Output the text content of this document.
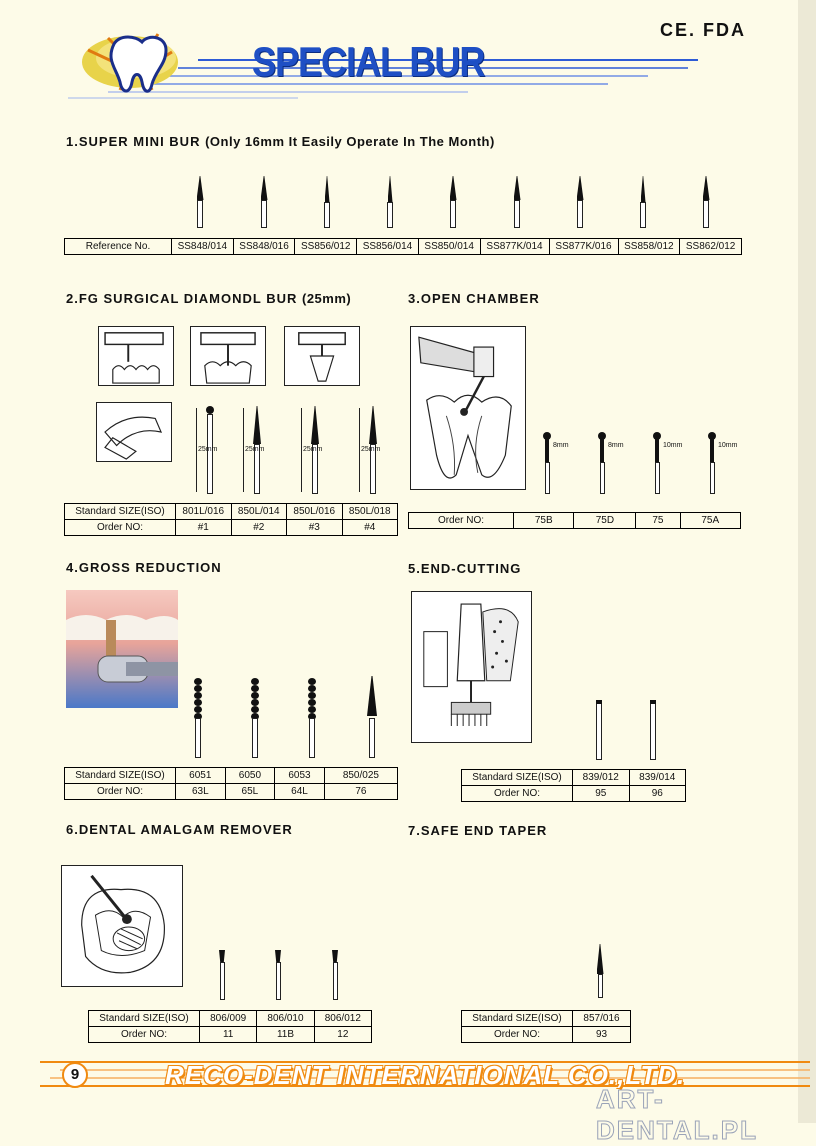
SPECIAL BUR
CE. FDA
1.SUPER MINI BUR (Only 16mm It Easily Operate In The Month)
Reference No.	SS848/014	SS848/016	SS856/012	SS856/014	SS850/014	SS877K/014	SS877K/016	SS858/012	SS862/012
2.FG SURGICAL DIAMONDL BUR (25mm)
25mm	25mm	25mm	25mm
Standard SIZE(ISO)	801L/016	850L/014	850L/016	850L/018
Order NO:	#1	#2	#3	#4
3.OPEN CHAMBER
8mm	8mm	10mm	10mm
Order NO:	75B	75D	75	75A
4.GROSS REDUCTION
Standard SIZE(ISO)	6051	6050	6053	850/025
Order NO:	63L	65L	64L	76
5.END-CUTTING
Standard SIZE(ISO)	839/012	839/014
Order NO:	95	96
6.DENTAL AMALGAM REMOVER
Standard SIZE(ISO)	806/009	806/010	806/012
Order NO:	11	11B	12
7.SAFE END TAPER
Standard SIZE(ISO)	857/016
Order NO:	93
9	RECO-DENT INTERNATIONAL CO.,LTD.
ART-DENTAL.PL
